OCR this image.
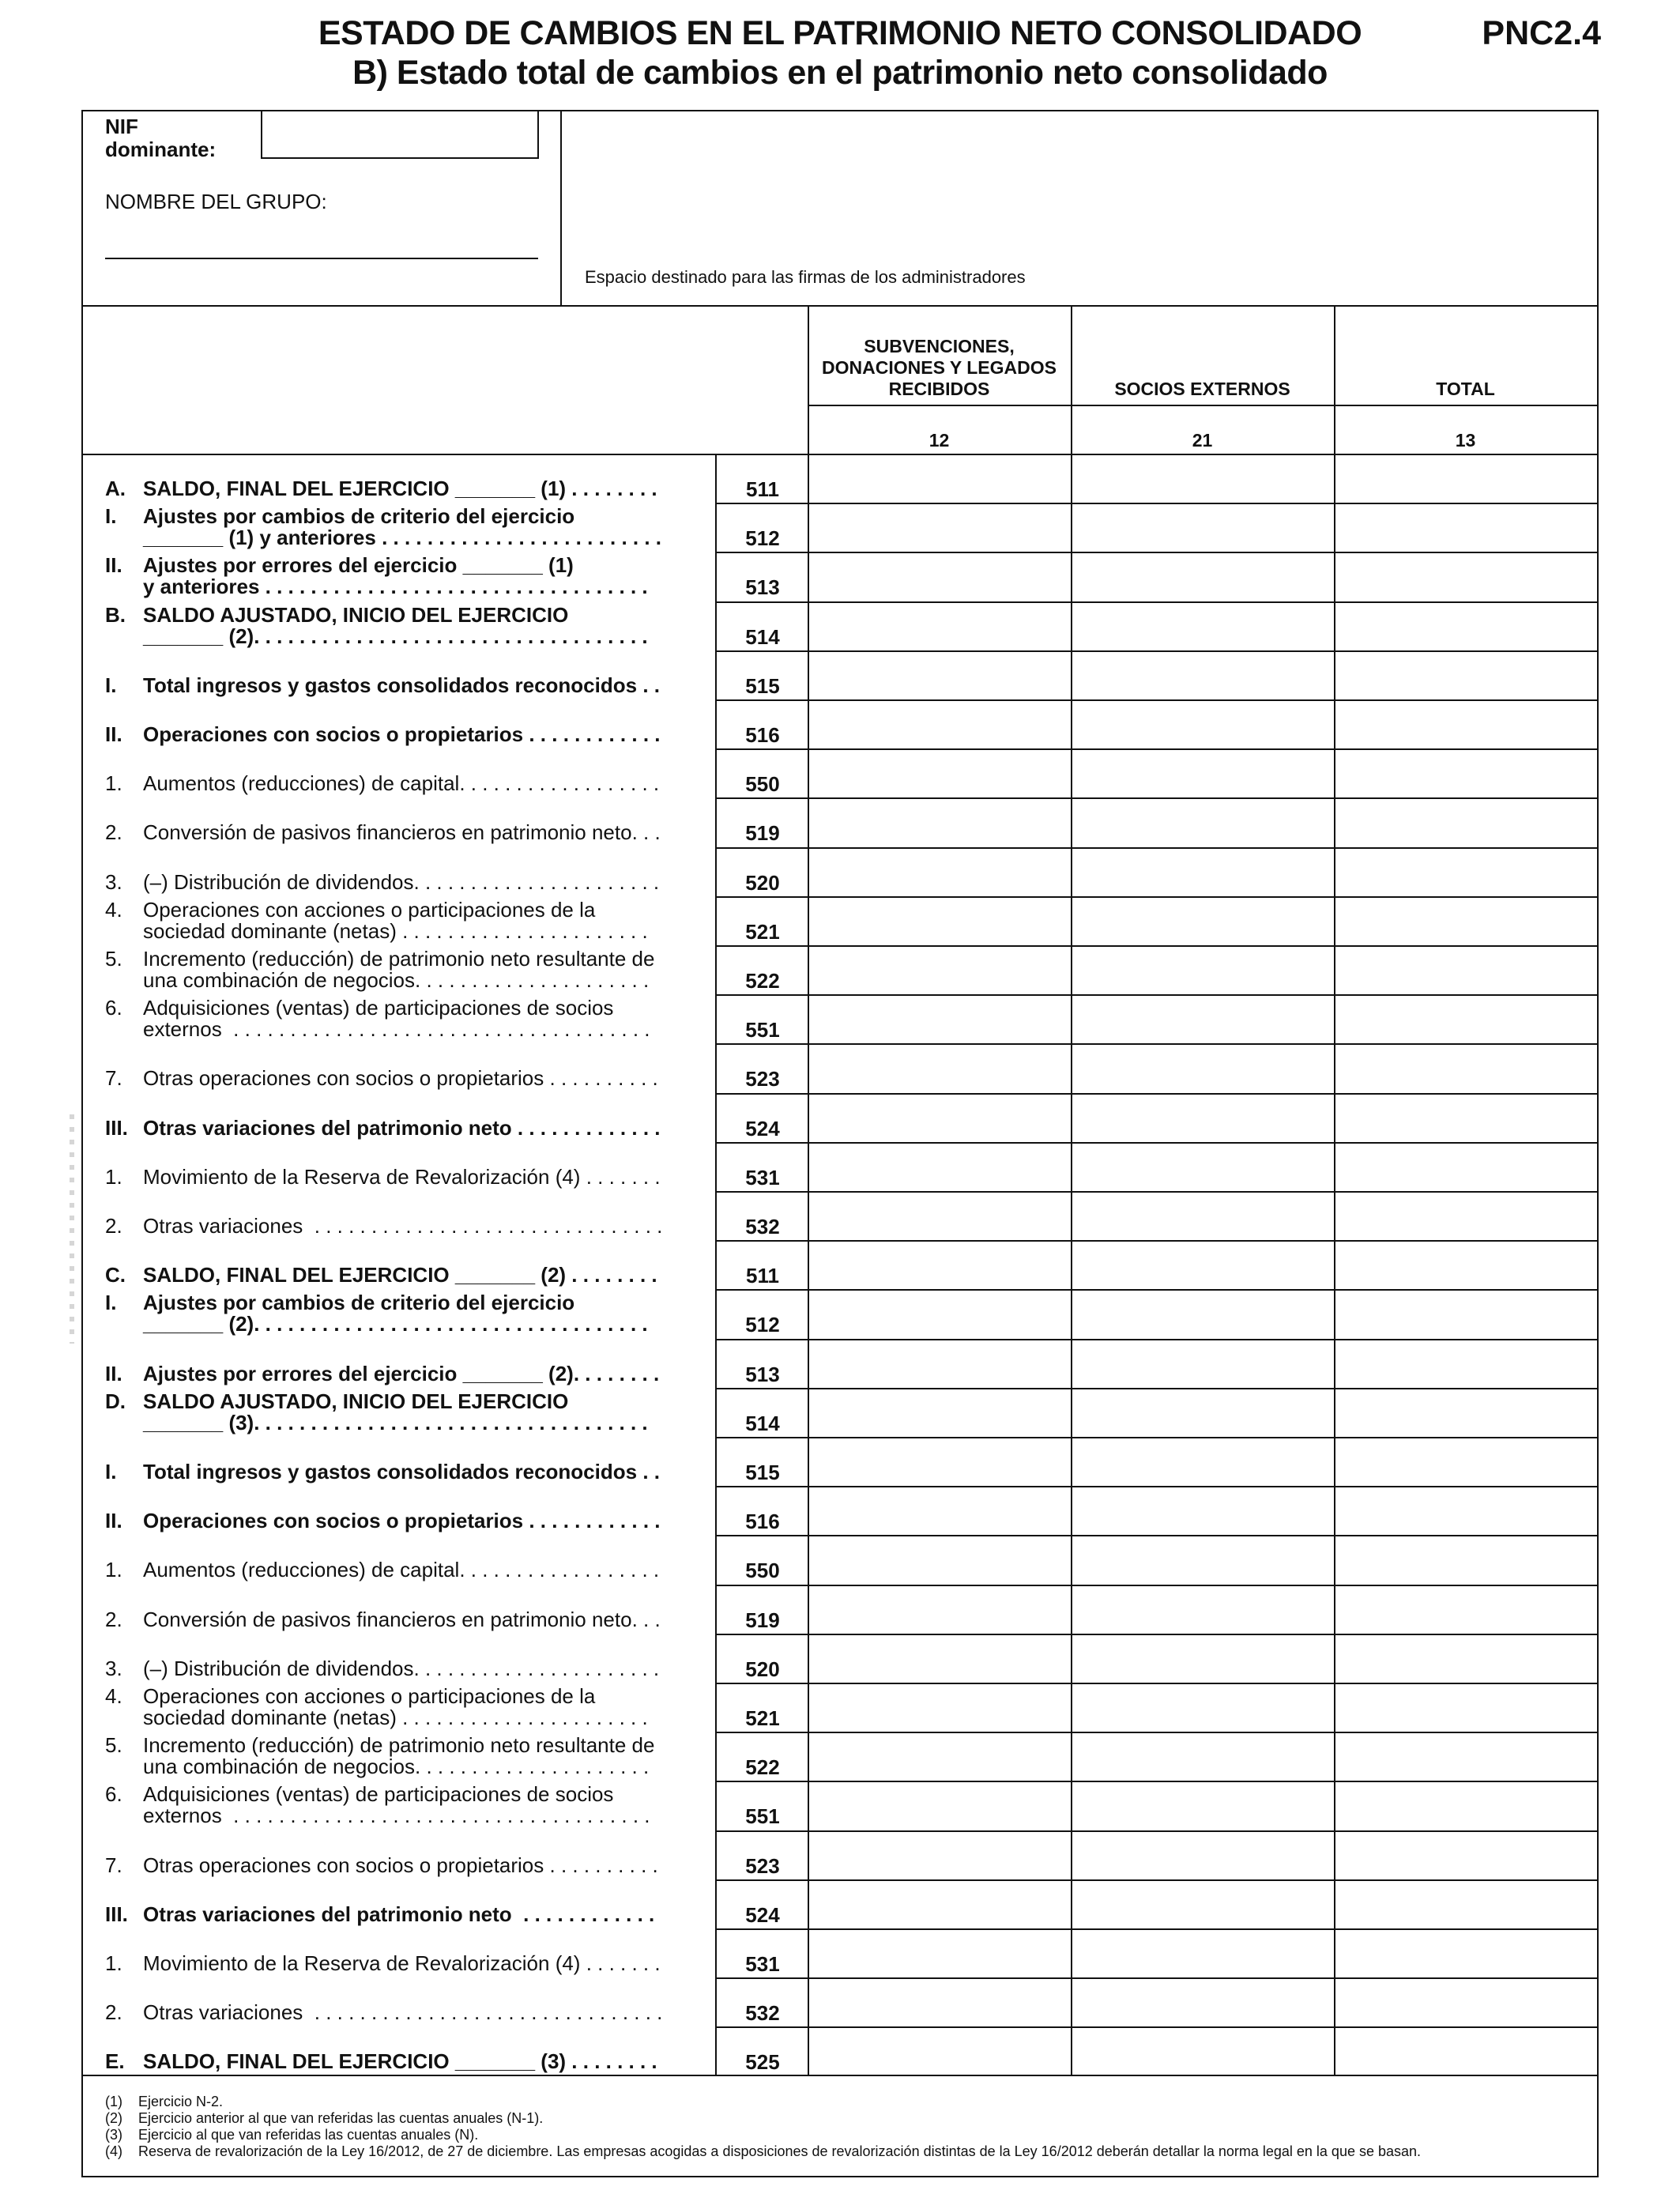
ESTADO DE CAMBIOS EN EL PATRIMONIO NETO CONSOLIDADO
B) Estado total de cambios en el patrimonio neto consolidado
PNC2.4
NIF
dominante:
NOMBRE DEL GRUPO:
Espacio destinado para las firmas de los administradores
SUBVENCIONES,
DONACIONES Y LEGADOS
RECIBIDOS
12

SOCIOS EXTERNOS
21

TOTAL
13
A. SALDO, FINAL DEL EJERCICIO _______ (1) . . . . . . . .	511
I. Ajustes por cambios de criterio del ejercicio
_______ (1) y anteriores . . . . . . . . . . . . . . . . . . . . . . . . .	512
II. Ajustes por errores del ejercicio _______ (1)
y anteriores . . . . . . . . . . . . . . . . . . . . . . . . . . . . . . . . . .	513
B. SALDO AJUSTADO, INICIO DEL EJERCICIO
_______ (2). . . . . . . . . . . . . . . . . . . . . . . . . . . . . . . . . . .	514
I. Total ingresos y gastos consolidados reconocidos . .	515
II. Operaciones con socios o propietarios . . . . . . . . . . . .	516
1. Aumentos (reducciones) de capital. . . . . . . . . . . . . . . . . .	550
2. Conversión de pasivos financieros en patrimonio neto. . .	519
3. (–) Distribución de dividendos. . . . . . . . . . . . . . . . . . . . . .	520
4. Operaciones con acciones o participaciones de la
sociedad dominante (netas) . . . . . . . . . . . . . . . . . . . . . .	521
5. Incremento (reducción) de patrimonio neto resultante de
una combinación de negocios. . . . . . . . . . . . . . . . . . . . .	522
6. Adquisiciones (ventas) de participaciones de socios
externos  . . . . . . . . . . . . . . . . . . . . . . . . . . . . . . . . . . . . .	551
7. Otras operaciones con socios o propietarios . . . . . . . . . .	523
III. Otras variaciones del patrimonio neto . . . . . . . . . . . . .	524
1. Movimiento de la Reserva de Revalorización (4) . . . . . . .	531
2. Otras variaciones  . . . . . . . . . . . . . . . . . . . . . . . . . . . . . . .	532
C. SALDO, FINAL DEL EJERCICIO _______ (2) . . . . . . . .	511
I. Ajustes por cambios de criterio del ejercicio
_______ (2). . . . . . . . . . . . . . . . . . . . . . . . . . . . . . . . . . .	512
II. Ajustes por errores del ejercicio _______ (2). . . . . . . .	513
D. SALDO AJUSTADO, INICIO DEL EJERCICIO
_______ (3). . . . . . . . . . . . . . . . . . . . . . . . . . . . . . . . . . .	514
I. Total ingresos y gastos consolidados reconocidos . .	515
II. Operaciones con socios o propietarios . . . . . . . . . . . .	516
1. Aumentos (reducciones) de capital. . . . . . . . . . . . . . . . . .	550
2. Conversión de pasivos financieros en patrimonio neto. . .	519
3. (–) Distribución de dividendos. . . . . . . . . . . . . . . . . . . . . .	520
4. Operaciones con acciones o participaciones de la
sociedad dominante (netas) . . . . . . . . . . . . . . . . . . . . . .	521
5. Incremento (reducción) de patrimonio neto resultante de
una combinación de negocios. . . . . . . . . . . . . . . . . . . . .	522
6. Adquisiciones (ventas) de participaciones de socios
externos  . . . . . . . . . . . . . . . . . . . . . . . . . . . . . . . . . . . . .	551
7. Otras operaciones con socios o propietarios . . . . . . . . . .	523
III. Otras variaciones del patrimonio neto  . . . . . . . . . . . .	524
1. Movimiento de la Reserva de Revalorización (4) . . . . . . .	531
2. Otras variaciones  . . . . . . . . . . . . . . . . . . . . . . . . . . . . . . .	532
E. SALDO, FINAL DEL EJERCICIO _______ (3) . . . . . . . .	525
(1)    Ejercicio N-2.
(2)    Ejercicio anterior al que van referidas las cuentas anuales (N-1).
(3)    Ejercicio al que van referidas las cuentas anuales (N).
(4)    Reserva de revalorización de la Ley 16/2012, de 27 de diciembre. Las empresas acogidas a disposiciones de revalorización distintas de la Ley 16/2012 deberán detallar la norma legal en la que se basan.
